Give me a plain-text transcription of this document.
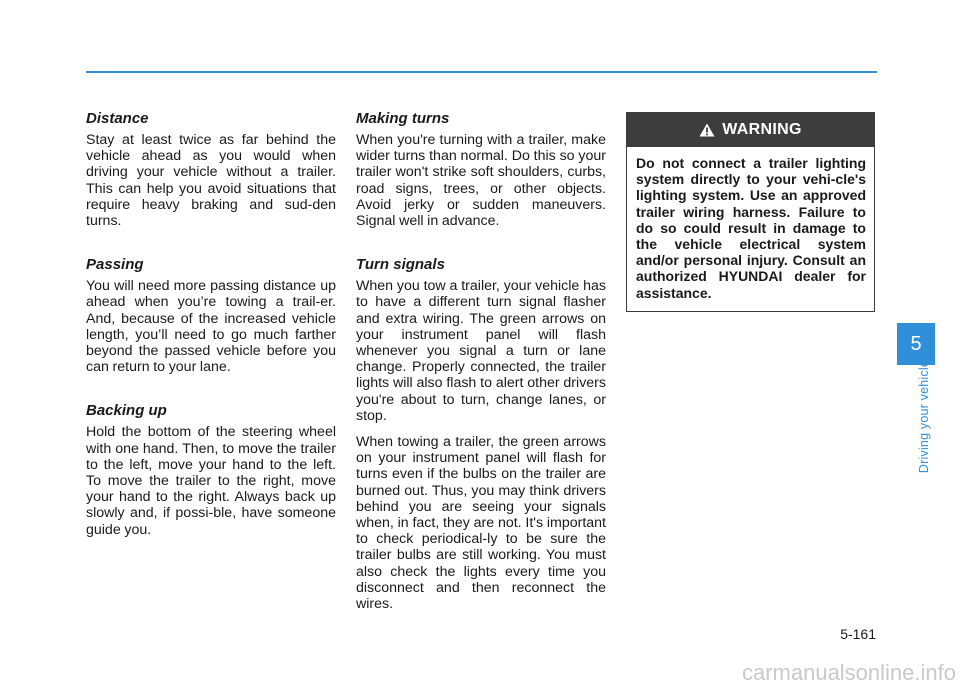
Distance

Stay at least twice as far behind the vehicle ahead as you would when driving your vehicle without a trailer. This can help you avoid situations that require heavy braking and sud-den turns.

Passing

You will need more passing distance up ahead when you’re towing a trail-er. And, because of the increased vehicle length, you’ll need to go much farther beyond the passed vehicle before you can return to your lane.

Backing up

Hold the bottom of the steering wheel with one hand. Then, to move the trailer to the left, move your hand to the left. To move the trailer to the right, move your hand to the right. Always back up slowly and, if possi-ble, have someone guide you.

Making turns

When you're turning with a trailer, make wider turns than normal. Do this so your trailer won't strike soft shoulders, curbs, road signs, trees, or other objects. Avoid jerky or sudden maneuvers. Signal well in advance.

Turn signals

When you tow a trailer, your vehicle has to have a different turn signal flasher and extra wiring. The green arrows on your instrument panel will flash whenever you signal a turn or lane change. Properly connected, the trailer lights will also flash to alert other drivers you're about to turn, change lanes, or stop.

When towing a trailer, the green arrows on your instrument panel will flash for turns even if the bulbs on the trailer are burned out. Thus, you may think drivers behind you are seeing your signals when, in fact, they are not. It's important to check periodical-ly to be sure the trailer bulbs are still working. You must also check the lights every time you disconnect and then reconnect the wires.

WARNING

Do not connect a trailer lighting system directly to your vehi-cle's lighting system. Use an approved trailer wiring harness. Failure to do so could result in damage to the vehicle electrical system and/or personal injury. Consult an authorized HYUNDAI dealer for assistance.

5
Driving your vehicle
5-161
carmanualsonline.info
